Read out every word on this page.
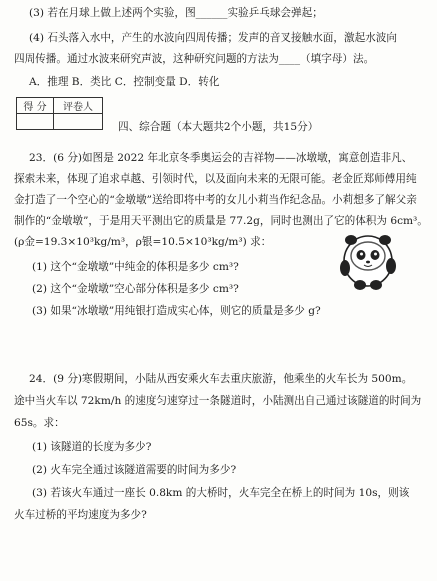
(3) 若在月球上做上述两个实验，图______实验乒乓球会弹起；
(4) 石头落入水中，产生的水波向四周传播；发声的音叉接触水面，激起水波向
四周传播。通过水波来研究声波，这种研究问题的方法为____（填字母）法。
A．推理 B．类比 C．控制变量 D．转化
得 分	评卷人

四、综合题（本大题共2个小题，共15分）
23．(6 分)如图是 2022 年北京冬季奥运会的吉祥物——冰墩墩，寓意创造非凡、
探索未来，体现了追求卓越、引领时代，以及面向未来的无限可能。老金匠郑师傅用纯
金打造了一个空心的“金墩墩”送给即将中考的女儿小莉当作纪念品。小莉想多了解父亲
制作的“金墩墩”，于是用天平测出它的质量是 77.2g，同时也测出了它的体积为 6cm³。
(ρ金=19.3×10³kg/m³，ρ银=10.5×10³kg/m³) 求：
(1) 这个“金墩墩”中纯金的体积是多少 cm³?
(2) 这个“金墩墩”空心部分体积是多少 cm³?
(3) 如果“冰墩墩”用纯银打造成实心体，则它的质量是多少 g?
24．(9 分)寒假期间，小陆从西安乘火车去重庆旅游，他乘坐的火车长为 500m。
途中当火车以 72km/h 的速度匀速穿过一条隧道时，小陆测出自己通过该隧道的时间为
65s。求：
(1) 该隧道的长度为多少?
(2) 火车完全通过该隧道需要的时间为多少?
(3) 若该火车通过一座长 0.8km 的大桥时，火车完全在桥上的时间为 10s，则该
火车过桥的平均速度为多少?
